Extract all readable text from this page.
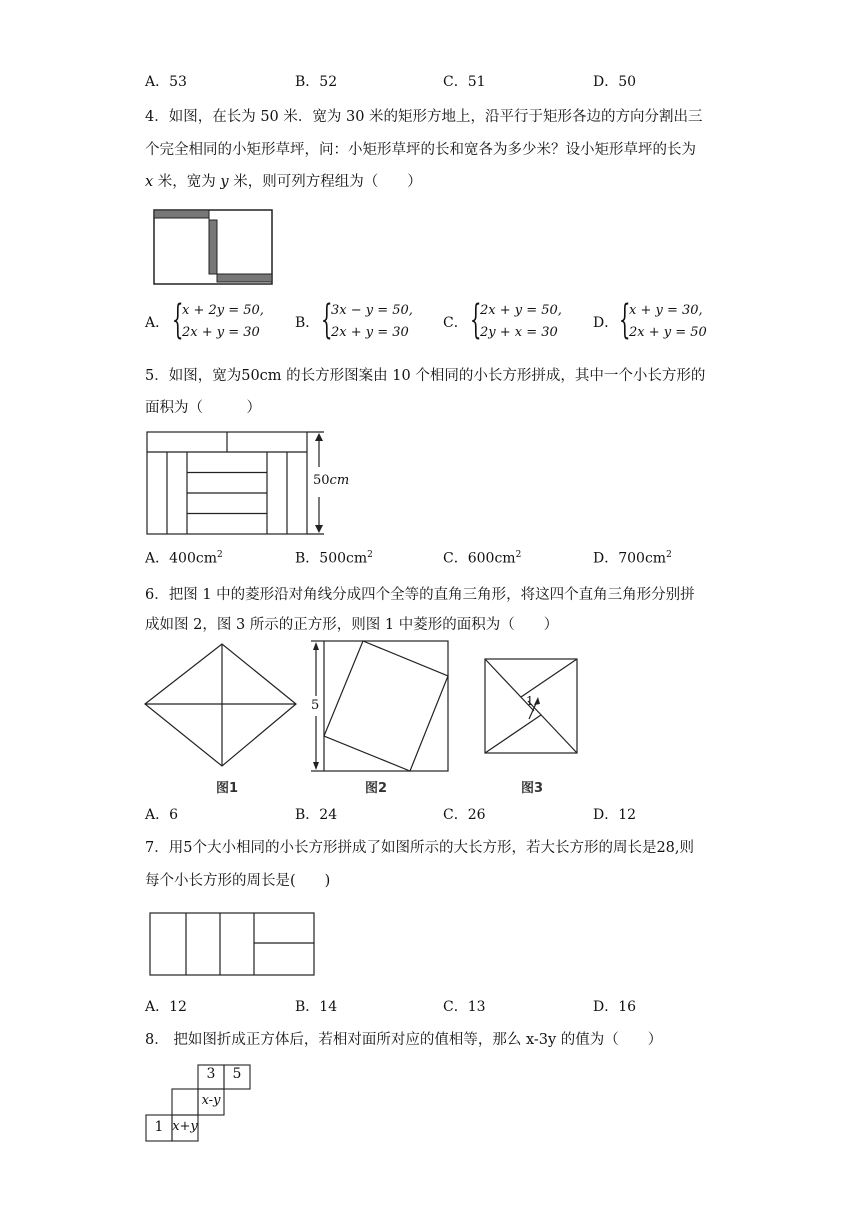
A．53	B．52	C．51	D．50
4．如图，在长为 50 米．宽为 30 米的矩形方地上，沿平行于矩形各边的方向分割出三
个完全相同的小矩形草坪，问：小矩形草坪的长和宽各为多少米？设小矩形草坪的长为
x 米，宽为 y 米，则可列方程组为（　　）
A． {
x + 2y = 50,
2x + y = 30
B． {
3x − y = 50,
2x + y = 30
C． {
2x + y = 50,
2y + x = 30
D． {
x + y = 30,
2x + y = 50
5．如图，宽为50cm 的长方形图案由 10 个相同的小长方形拼成，其中一个小长方形的
面积为（　　　）
50cm
A．$400cm^2$	B．$500cm^2$	C．$600cm^2$	D．$700cm^2$
6．把图 1 中的菱形沿对角线分成四个全等的直角三角形，将这四个直角三角形分别拼
成如图 2，图 3 所示的正方形，则图 1 中菱形的面积为（　　）
5	1
图1	图2	图3
A．6	B．24	C．26	D．12
7．用5个大小相同的小长方形拼成了如图所示的大长方形，若大长方形的周长是28,则
每个小长方形的周长是(　　)
A．12	B．14	C．13	D．16
8． 把如图折成正方体后，若相对面所对应的值相等，那么 x-3y 的值为（　　）
3	5
x-y
1 x+y
